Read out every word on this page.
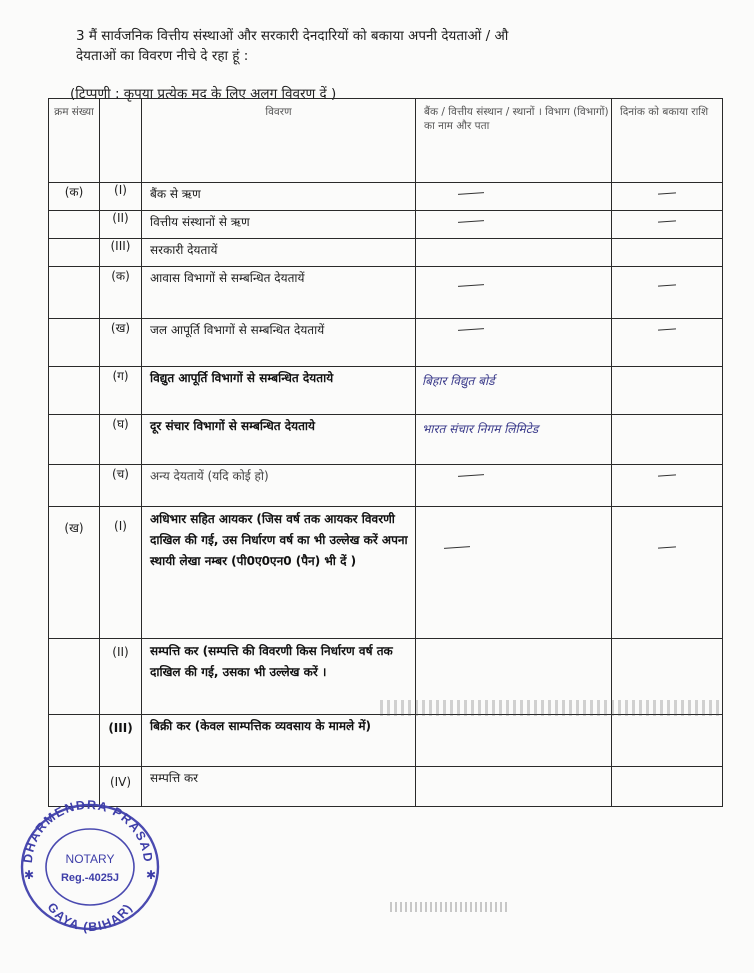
3 मैं सार्वजनिक वित्तीय संस्थाओं और सरकारी देनदारियों को बकाया अपनी देयताओं / औ

देयताओं का विवरण नीचे दे रहा हूं :

(टिप्पणी : कृपया प्रत्येक मद के लिए अलग विवरण दें )
क्रम संख्या		विवरण	बैंक / वित्तीय संस्थान / स्थानों । विभाग (विभागों) का नाम और पता	दिनांक को बकाया राशि
(क)	(I)	बैंक से ऋण		
	(II)	वित्तीय संस्थानों से ऋण		
	(III)	सरकारी देयतायें		
	(क)	आवास विभागों से सम्बन्धित देयतायें		
	(ख)	जल आपूर्ति विभागों से सम्बन्धित देयतायें		
	(ग)	विद्युत आपूर्ति विभागों से सम्बन्धित देयताये	बिहार विद्युत बोर्ड	

	(घ)	दूर संचार विभागों से सम्बन्धित देयताये	भारत संचार निगम लिमिटेड	

	(च)	अन्य देयतायें (यदि कोई हो)		
(ख)	(I)	अधिभार सहित आयकर (जिस वर्ष तक आयकर विवरणी दाखिल की गई, उस निर्धारण वर्ष का भी उल्लेख करें अपना स्थायी लेखा नम्बर (पी0ए0एन0 (पैन) भी दें )		
	(II)	सम्पत्ति कर (सम्पत्ति की विवरणी किस निर्धारण वर्ष तक दाखिल की गई, उसका भी उल्लेख करें ।		
	(III)	बिक्री कर (केवल साम्पत्तिक व्यवसाय के मामले में)		
	(IV)	सम्पत्ति कर		
DHARMENDRA PRASAD
GAYA (BIHAR)
NOTARY
Reg.-4025J
✱	✱
